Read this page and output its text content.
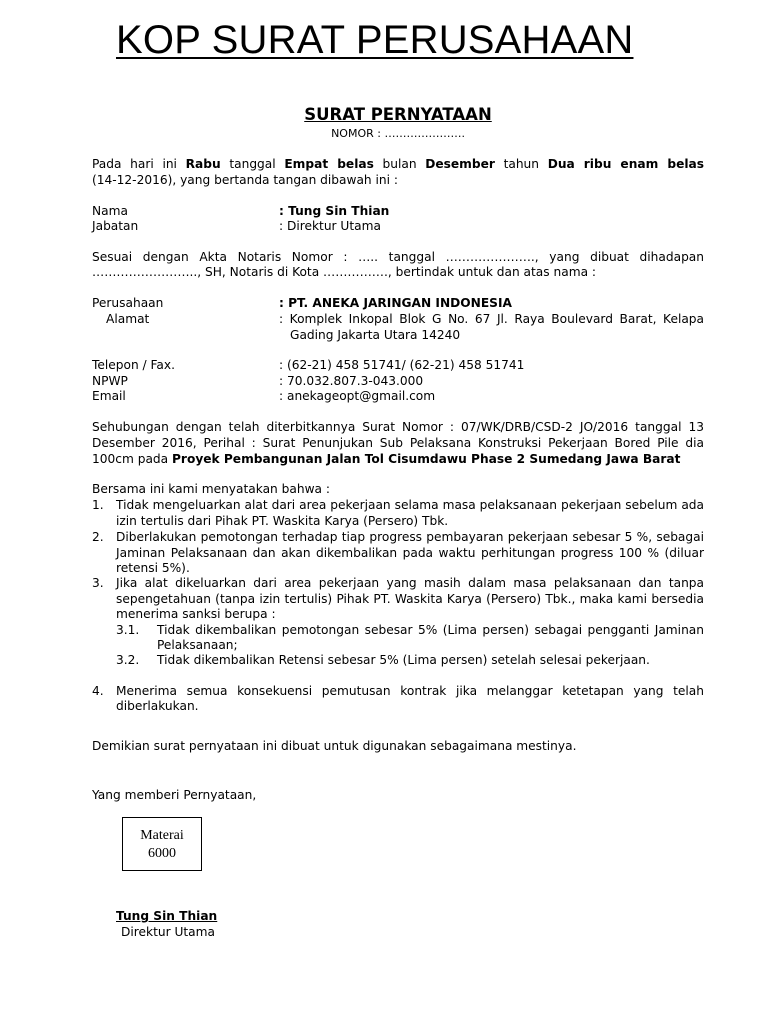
KOP SURAT PERUSAHAAN
SURAT PERNYATAAN
NOMOR : ………………….
Pada hari ini Rabu tanggal Empat belas bulan Desember tahun Dua ribu enam belas
(14-12-2016), yang bertanda tangan dibawah ini :
Nama	: Tung Sin Thian
Jabatan	: Direktur Utama
Sesuai dengan Akta Notaris Nomor : ….. tanggal …………………., yang dibuat dihadapan
…………………….., SH, Notaris di Kota ……………., bertindak untuk dan atas nama :
Perusahaan	: PT. ANEKA JARINGAN INDONESIA
Alamat	: Komplek Inkopal Blok G No. 67 Jl. Raya Boulevard Barat, Kelapa
Gading Jakarta Utara 14240
Telepon / Fax.	: (62-21) 458 51741/ (62-21) 458 51741
NPWP	: 70.032.807.3-043.000
Email	: anekageopt@gmail.com
Sehubungan dengan telah diterbitkannya Surat Nomor : 07/WK/DRB/CSD-2 JO/2016 tanggal 13
Desember 2016, Perihal : Surat Penunjukan Sub Pelaksana Konstruksi Pekerjaan Bored Pile dia
100cm pada Proyek Pembangunan Jalan Tol Cisumdawu Phase 2 Sumedang Jawa Barat
Bersama ini kami menyatakan bahwa :
1. Tidak mengeluarkan alat dari area pekerjaan selama masa pelaksanaan pekerjaan sebelum ada
izin tertulis dari Pihak PT. Waskita Karya (Persero) Tbk.
2. Diberlakukan pemotongan terhadap tiap progress pembayaran pekerjaan sebesar 5 %, sebagai
Jaminan Pelaksanaan dan akan dikembalikan pada waktu perhitungan progress 100 % (diluar
retensi 5%).
3. Jika alat dikeluarkan dari area pekerjaan yang masih dalam masa pelaksanaan dan tanpa
sepengetahuan (tanpa izin tertulis) Pihak PT. Waskita Karya (Persero) Tbk., maka kami bersedia
menerima sanksi berupa :
3.1. Tidak dikembalikan pemotongan sebesar 5% (Lima persen) sebagai pengganti Jaminan
Pelaksanaan;
3.2. Tidak dikembalikan Retensi sebesar 5% (Lima persen) setelah selesai pekerjaan.
4. Menerima semua konsekuensi pemutusan kontrak jika melanggar ketetapan yang telah
diberlakukan.
Demikian surat pernyataan ini dibuat untuk digunakan sebagaimana mestinya.
Yang memberi Pernyataan,
Materai
6000
Tung Sin Thian
Direktur Utama
